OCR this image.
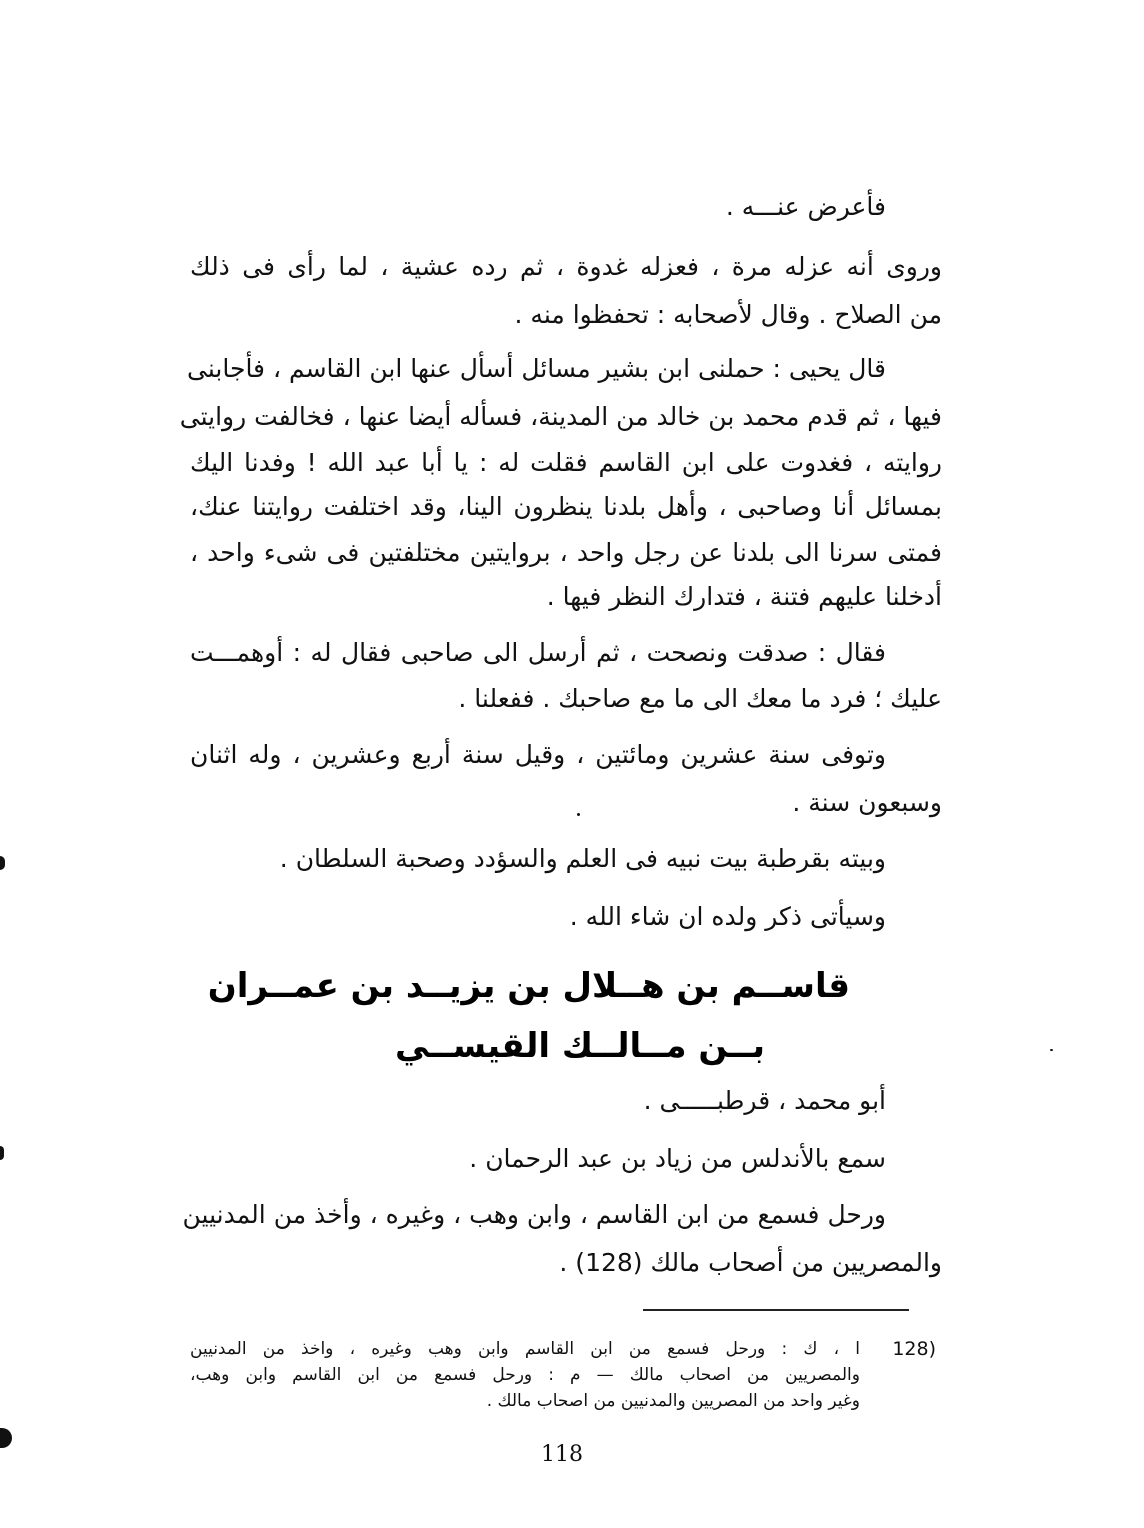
فأعرض عنـــه .
وروى أنه عزله مرة ، فعزله غدوة ، ثم رده عشية ، لما رأى فى ذلك
من الصلاح . وقال لأصحابه : تحفظوا منه .
قال يحيى : حملنى ابن بشير مسائل أسأل عنها ابن القاسم ، فأجابنى
فيها ، ثم قدم محمد بن خالد من المدينة، فسأله أيضا عنها ، فخالفت روايتى
روايته ، فغدوت على ابن القاسم فقلت له : يا أبا عبد الله ! وفدنا اليك
بمسائل أنا وصاحبى ، وأهل بلدنا ينظرون الينا، وقد اختلفت روايتنا عنك،
فمتى سرنا الى بلدنا عن رجل واحد ، بروايتين مختلفتين فى شىء واحد ،
أدخلنا عليهم فتنة ، فتدارك النظر فيها .
فقال : صدقت ونصحت ، ثم أرسل الى صاحبى فقال له : أوهمـــت
عليك ؛ فرد ما معك الى ما مع صاحبك . ففعلنا .
وتوفى سنة عشرين ومائتين ، وقيل سنة أربع وعشرين ، وله اثنان
وسبعون سنة .
وبيته بقرطبة بيت نبيه فى العلم والسؤدد وصحبة السلطان .
وسيأتى ذكر ولده ان شاء الله .
قاســم بن هــلال بن يزيــد بن عمــران
بــن مــالــك القيســي
أبو محمد ، قرطبـــــى .
سمع بالأندلس من زياد بن عبد الرحمان .
ورحل فسمع من ابن القاسم ، وابن وهب ، وغيره ، وأخذ من المدنيين
والمصريين من أصحاب مالك (128) .
128)
ا ، ك : ورحل فسمع من ابن القاسم وابن وهب وغيره ، واخذ من المدنيين
والمصريين من اصحاب مالك — م : ورحل فسمع من ابن القاسم وابن وهب،
وغير واحد من المصريين والمدنيين من اصحاب مالك .
118
